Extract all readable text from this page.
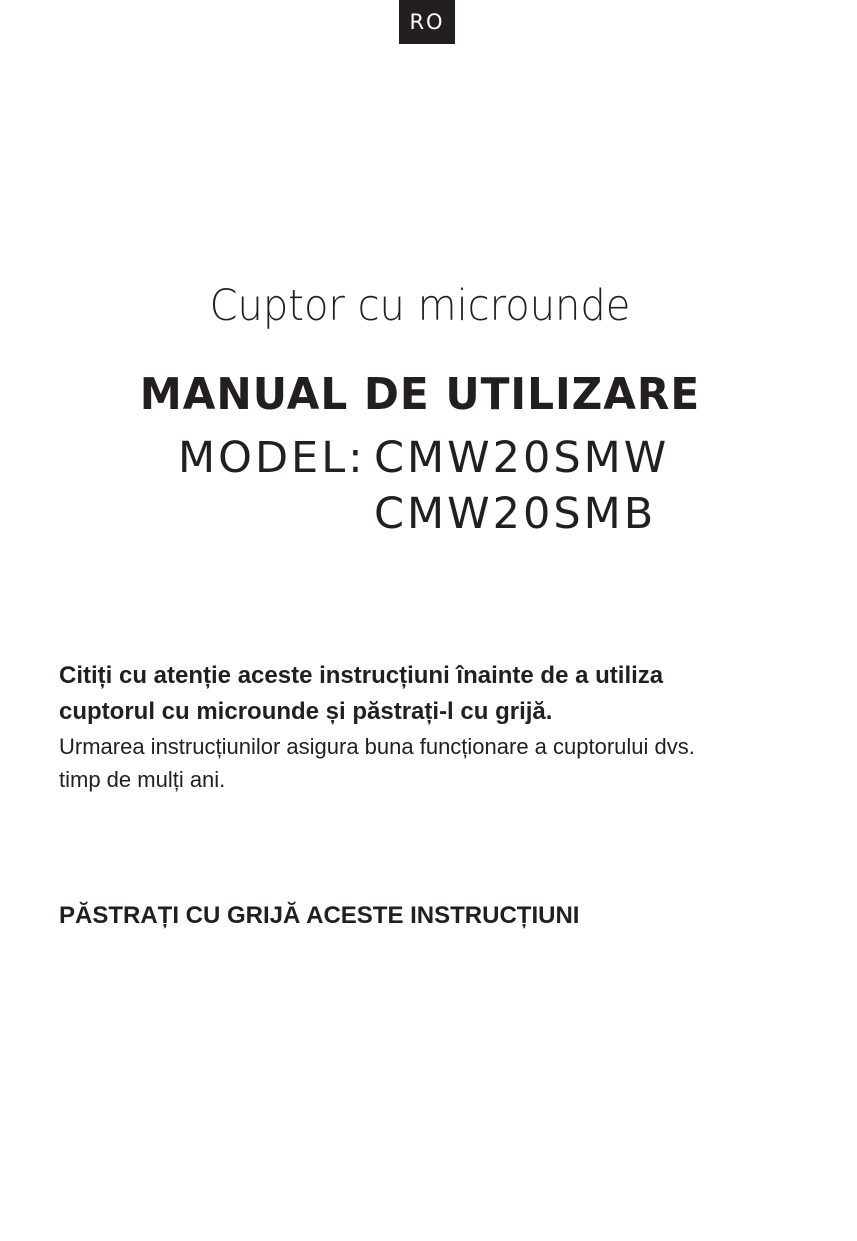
RO
Cuptor cu microunde
MANUAL DE UTILIZARE
MODEL: CMW20SMW
CMW20SMB

Citiți cu atenție aceste instrucțiuni înainte de a utiliza

cuptorul cu microunde și păstrați-l cu grijă.

Urmarea instrucțiunilor asigura buna funcționare a cuptorului dvs.

timp de mulți ani.

PĂSTRAȚI CU GRIJĂ ACESTE INSTRUCȚIUNI
